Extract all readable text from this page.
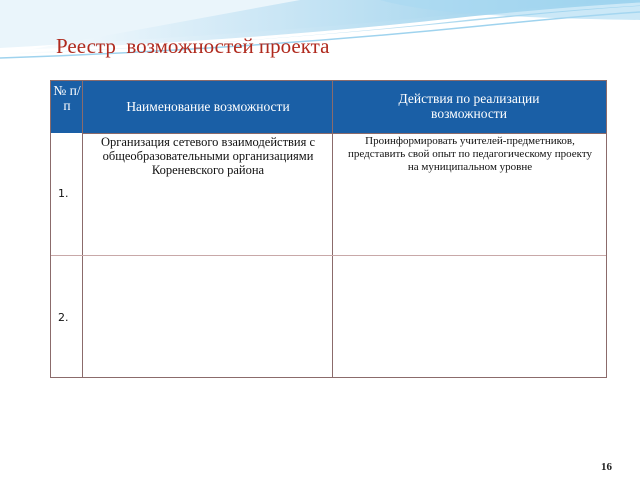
Реестр  возможностей проекта
№ п/п	Наименование возможности
Действия по реализации возможности
1.
Организация сетевого взаимодействия с общеобразовательными организациями Кореневского района
Проинформировать учителей-предметников, представить свой опыт по педагогическому проекту на муниципальном уровне
2.
16
